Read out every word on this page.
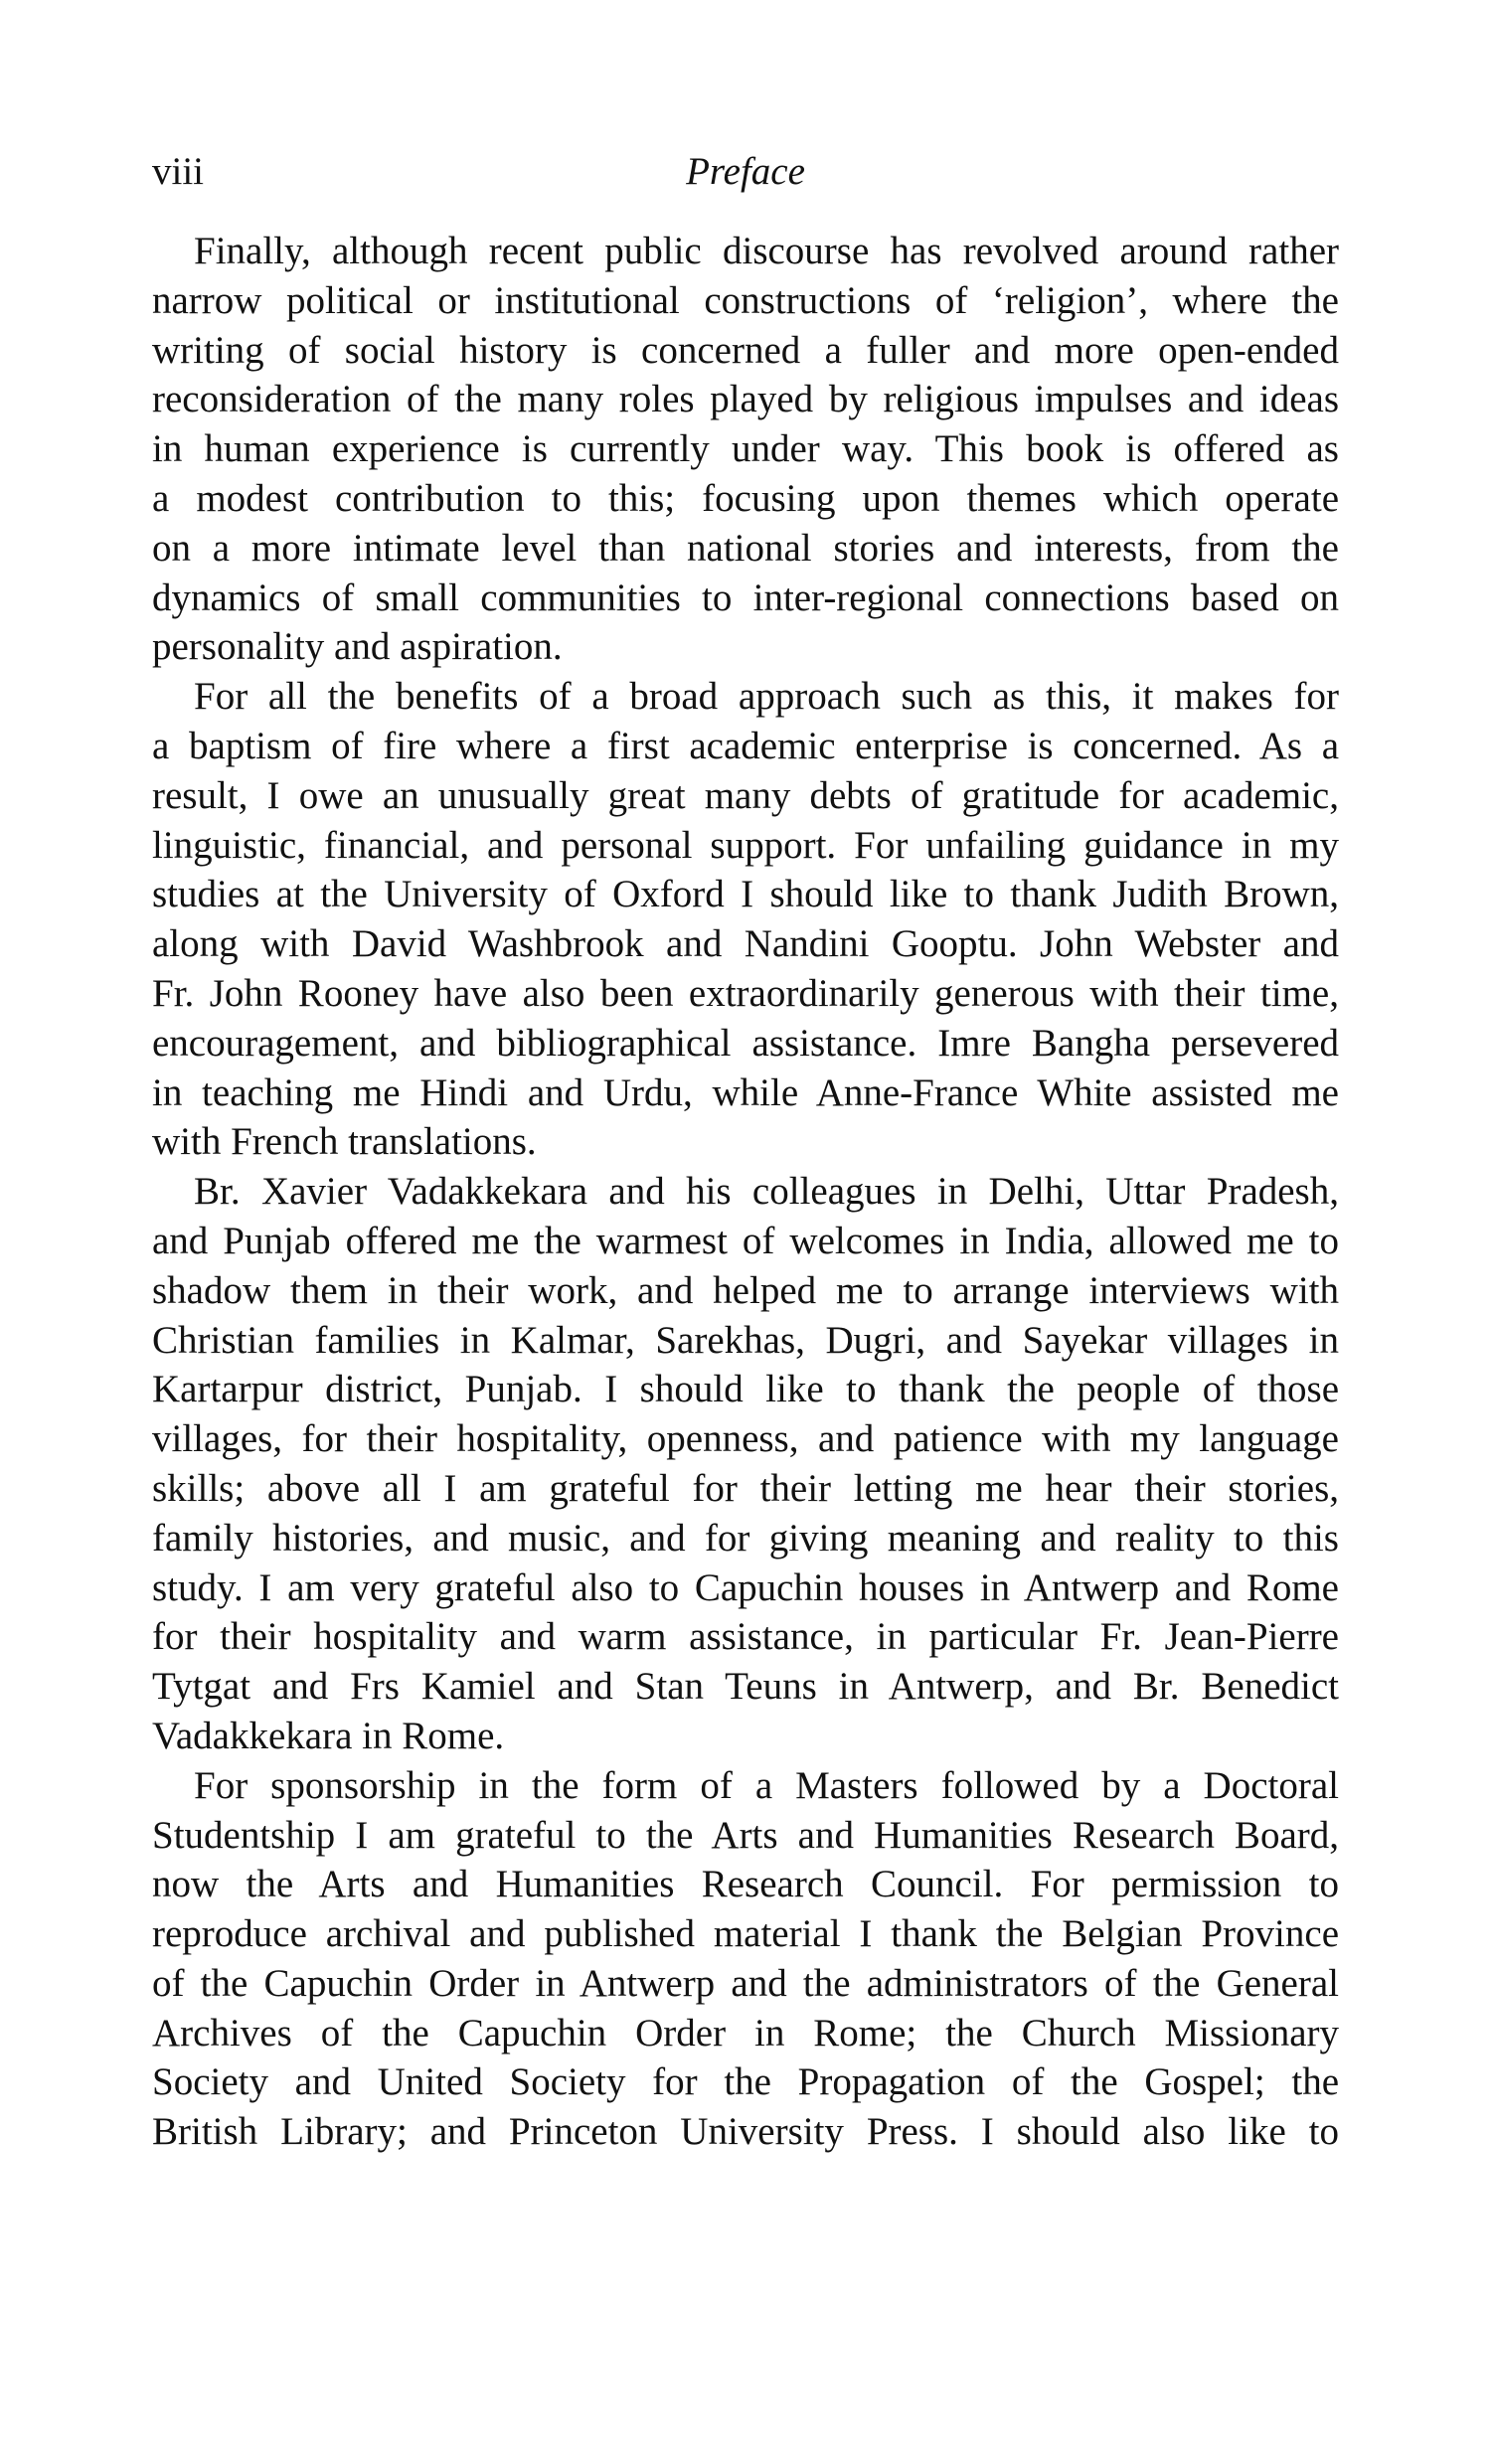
viii	Preface
Finally, although recent public discourse has revolved around rather
narrow political or institutional constructions of ‘religion’, where the
writing of social history is concerned a fuller and more open-ended
reconsideration of the many roles played by religious impulses and ideas
in human experience is currently under way. This book is offered as
a modest contribution to this; focusing upon themes which operate
on a more intimate level than national stories and interests, from the
dynamics of small communities to inter-regional connections based on
personality and aspiration.
For all the benefits of a broad approach such as this, it makes for
a baptism of fire where a first academic enterprise is concerned. As a
result, I owe an unusually great many debts of gratitude for academic,
linguistic, financial, and personal support. For unfailing guidance in my
studies at the University of Oxford I should like to thank Judith Brown,
along with David Washbrook and Nandini Gooptu. John Webster and
Fr. John Rooney have also been extraordinarily generous with their time,
encouragement, and bibliographical assistance. Imre Bangha persevered
in teaching me Hindi and Urdu, while Anne-France White assisted me
with French translations.
Br. Xavier Vadakkekara and his colleagues in Delhi, Uttar Pradesh,
and Punjab offered me the warmest of welcomes in India, allowed me to
shadow them in their work, and helped me to arrange interviews with
Christian families in Kalmar, Sarekhas, Dugri, and Sayekar villages in
Kartarpur district, Punjab. I should like to thank the people of those
villages, for their hospitality, openness, and patience with my language
skills; above all I am grateful for their letting me hear their stories,
family histories, and music, and for giving meaning and reality to this
study. I am very grateful also to Capuchin houses in Antwerp and Rome
for their hospitality and warm assistance, in particular Fr. Jean-Pierre
Tytgat and Frs Kamiel and Stan Teuns in Antwerp, and Br. Benedict
Vadakkekara in Rome.
For sponsorship in the form of a Masters followed by a Doctoral
Studentship I am grateful to the Arts and Humanities Research Board,
now the Arts and Humanities Research Council. For permission to
reproduce archival and published material I thank the Belgian Province
of the Capuchin Order in Antwerp and the administrators of the General
Archives of the Capuchin Order in Rome; the Church Missionary
Society and United Society for the Propagation of the Gospel; the
British Library; and Princeton University Press. I should also like to
